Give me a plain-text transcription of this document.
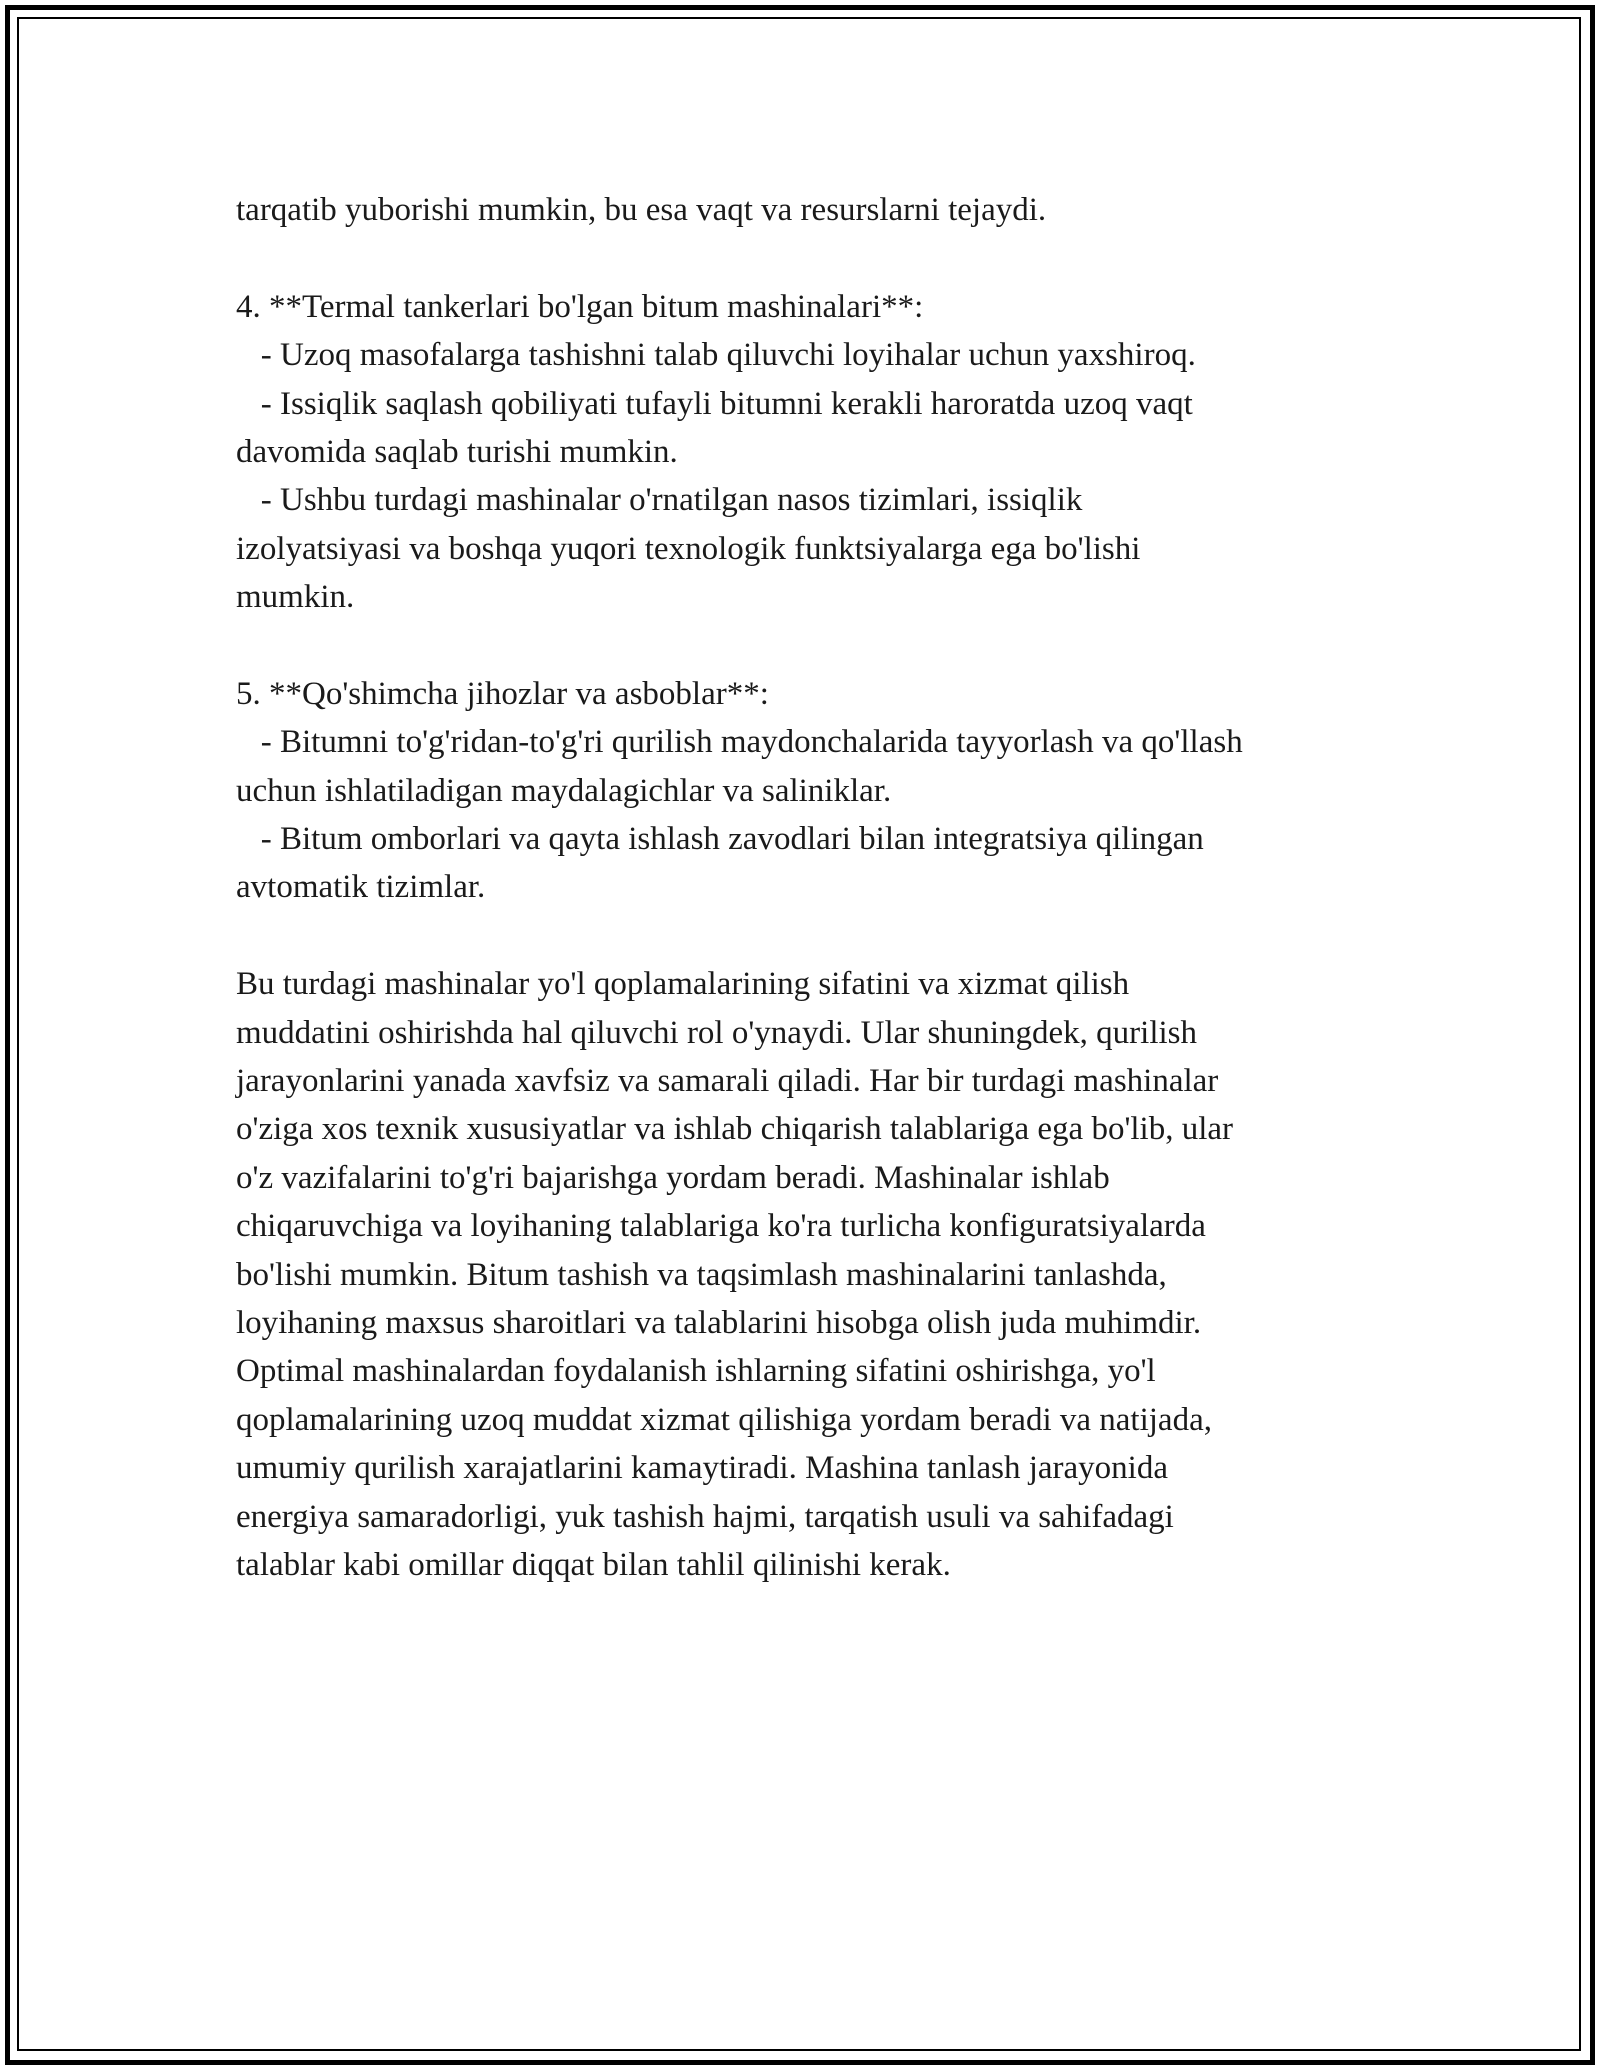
tarqatib yuborishi mumkin, bu esa vaqt va resurslarni tejaydi.
4. **Termal tankerlari bo'lgan bitum mashinalari**:
- Uzoq masofalarga tashishni talab qiluvchi loyihalar uchun yaxshiroq.
- Issiqlik saqlash qobiliyati tufayli bitumni kerakli haroratda uzoq vaqt
davomida saqlab turishi mumkin.
- Ushbu turdagi mashinalar o'rnatilgan nasos tizimlari, issiqlik
izolyatsiyasi va boshqa yuqori texnologik funktsiyalarga ega bo'lishi
mumkin.
5. **Qo'shimcha jihozlar va asboblar**:
- Bitumni to'g'ridan-to'g'ri qurilish maydonchalarida tayyorlash va qo'llash
uchun ishlatiladigan maydalagichlar va saliniklar.
- Bitum omborlari va qayta ishlash zavodlari bilan integratsiya qilingan
avtomatik tizimlar.
Bu turdagi mashinalar yo'l qoplamalarining sifatini va xizmat qilish
muddatini oshirishda hal qiluvchi rol o'ynaydi. Ular shuningdek, qurilish
jarayonlarini yanada xavfsiz va samarali qiladi. Har bir turdagi mashinalar
o'ziga xos texnik xususiyatlar va ishlab chiqarish talablariga ega bo'lib, ular
o'z vazifalarini to'g'ri bajarishga yordam beradi. Mashinalar ishlab
chiqaruvchiga va loyihaning talablariga ko'ra turlicha konfiguratsiyalarda
bo'lishi mumkin. Bitum tashish va taqsimlash mashinalarini tanlashda,
loyihaning maxsus sharoitlari va talablarini hisobga olish juda muhimdir.
Optimal mashinalardan foydalanish ishlarning sifatini oshirishga, yo'l
qoplamalarining uzoq muddat xizmat qilishiga yordam beradi va natijada,
umumiy qurilish xarajatlarini kamaytiradi. Mashina tanlash jarayonida
energiya samaradorligi, yuk tashish hajmi, tarqatish usuli va sahifadagi
talablar kabi omillar diqqat bilan tahlil qilinishi kerak.
